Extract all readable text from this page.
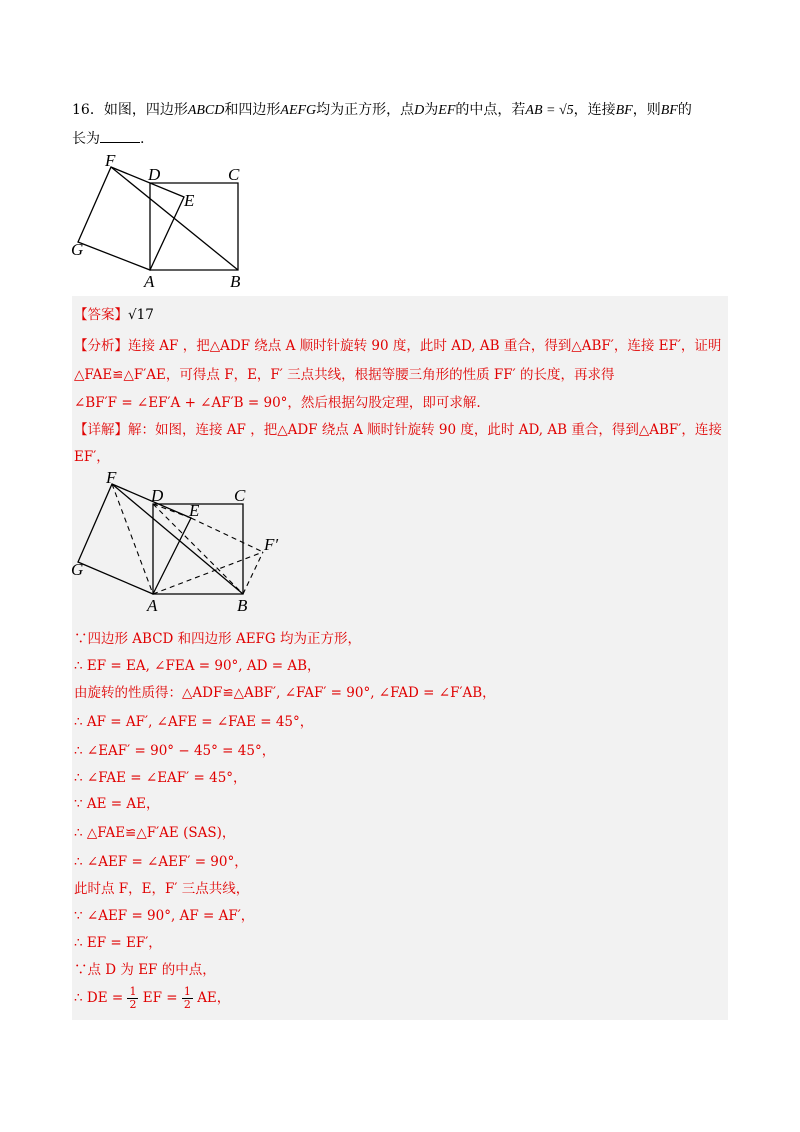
16．如图，四边形ABCD和四边形AEFG均为正方形，点D为EF的中点，若AB = √5，连接BF，则BF的
长为	.
F
D	C
E
G
A	B
【答案】√17
【分析】连接 AF ，把△ADF 绕点 A 顺时针旋转 90 度，此时 AD, AB 重合，得到△ABF′，连接 EF′，证明
△FAE≌△F′AE，可得点 F，E，F′ 三点共线，根据等腰三角形的性质 FF′ 的长度，再求得
∠BF′F = ∠EF′A + ∠AF′B = 90°，然后根据勾股定理，即可求解.
【详解】解：如图，连接 AF ，把△ADF 绕点 A 顺时针旋转 90 度，此时 AD, AB 重合，得到△ABF′，连接
EF′，
F
D	C
E
F′
G
A	B
∵四边形 ABCD 和四边形 AEFG 均为正方形，
∴ EF = EA, ∠FEA = 90°, AD = AB，
由旋转的性质得：△ADF≌△ABF′, ∠FAF′ = 90°, ∠FAD = ∠F′AB，
∴ AF = AF′, ∠AFE = ∠FAE = 45°，
∴ ∠EAF′ = 90° − 45° = 45°，
∴ ∠FAE = ∠EAF′ = 45°，
∵ AE = AE，
∴ △FAE≌△F′AE (SAS)，
∴ ∠AEF = ∠AEF′ = 90°，
此时点 F，E，F′ 三点共线，
∵ ∠AEF = 90°, AF = AF′，
∴ EF = EF′，
∵点 D 为 EF 的中点，
∴ DE = $\frac{1}{2}$ EF = $\frac{1}{2}$ AE，
